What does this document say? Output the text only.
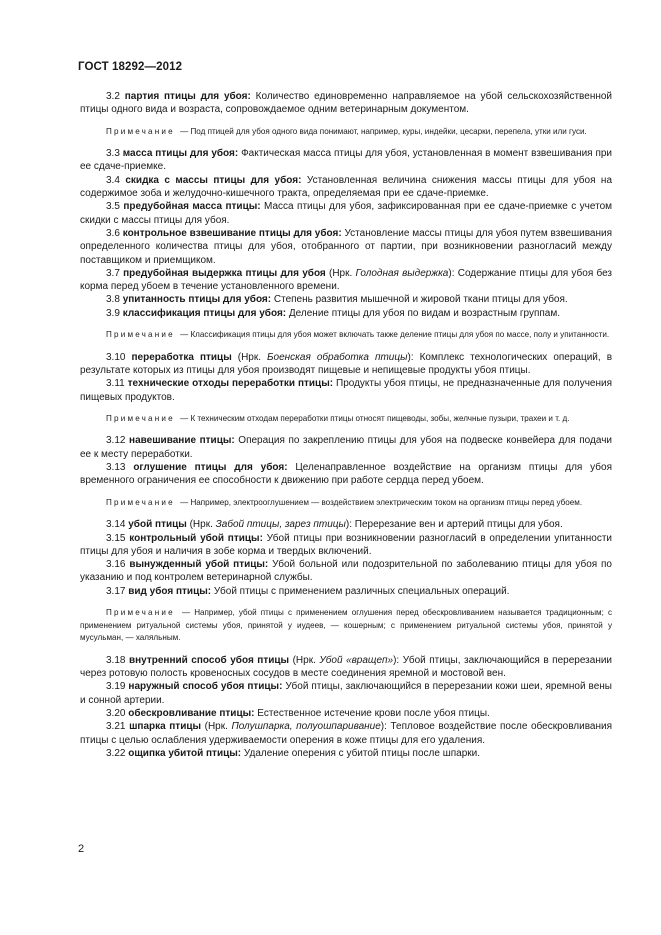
ГОСТ 18292—2012

3.2 партия птицы для убоя: Количество единовременно направляемое на убой сельскохозяйственной птицы одного вида и возраста, сопровождаемое одним ветеринарным документом.

Примечание — Под птицей для убоя одного вида понимают, например, куры, индейки, цесарки, перепела, утки или гуси.

3.3 масса птицы для убоя: Фактическая масса птицы для убоя, установленная в момент взвешивания при ее сдаче-приемке.

3.4 скидка с массы птицы для убоя: Установленная величина снижения массы птицы для убоя на содержимое зоба и желудочно-кишечного тракта, определяемая при ее сдаче-приемке.

3.5 предубойная масса птицы: Масса птицы для убоя, зафиксированная при ее сдаче-приемке с учетом скидки с массы птицы для убоя.

3.6 контрольное взвешивание птицы для убоя: Установление массы птицы для убоя путем взвешивания определенного количества птицы для убоя, отобранного от партии, при возникновении разногласий между поставщиком и приемщиком.

3.7 предубойная выдержка птицы для убоя (Нрк. Голодная выдержка): Содержание птицы для убоя без корма перед убоем в течение установленного времени.

3.8 упитанность птицы для убоя: Степень развития мышечной и жировой ткани птицы для убоя.

3.9 классификация птицы для убоя: Деление птицы для убоя по видам и возрастным группам.

Примечание — Классификация птицы для убоя может включать также деление птицы для убоя по массе, полу и упитанности.

3.10 переработка птицы (Нрк. Боенская обработка птицы): Комплекс технологических операций, в результате которых из птицы для убоя производят пищевые и непищевые продукты убоя птицы.

3.11 технические отходы переработки птицы: Продукты убоя птицы, не предназначенные для получения пищевых продуктов.

Примечание — К техническим отходам переработки птицы относят пищеводы, зобы, желчные пузыри, трахеи и т. д.

3.12 навешивание птицы: Операция по закреплению птицы для убоя на подвеске конвейера для подачи ее к месту переработки.

3.13 оглушение птицы для убоя: Целенаправленное воздействие на организм птицы для убоя временного ограничения ее способности к движению при работе сердца перед убоем.

Примечание — Например, электрооглушением — воздействием электрическим током на организм птицы перед убоем.

3.14 убой птицы (Нрк. Забой птицы, зарез птицы): Перерезание вен и артерий птицы для убоя.

3.15 контрольный убой птицы: Убой птицы при возникновении разногласий в определении упитанности птицы для убоя и наличия в зобе корма и твердых включений.

3.16 вынужденный убой птицы: Убой больной или подозрительной по заболеванию птицы для убоя по указанию и под контролем ветеринарной службы.

3.17 вид убоя птицы: Убой птицы с применением различных специальных операций.

Примечание — Например, убой птицы с применением оглушения перед обескровливанием называется традиционным; с применением ритуальной системы убоя, принятой у иудеев, — кошерным; с применением ритуальной системы убоя, принятой у мусульман, — халяльным.

3.18 внутренний способ убоя птицы (Нрк. Убой «вращеп»): Убой птицы, заключающийся в перерезании через ротовую полость кровеносных сосудов в месте соединения яремной и мостовой вен.

3.19 наружный способ убоя птицы: Убой птицы, заключающийся в перерезании кожи шеи, яремной вены и сонной артерии.

3.20 обескровливание птицы: Естественное истечение крови после убоя птицы.

3.21 шпарка птицы (Нрк. Полушпарка, полуошпаривание): Тепловое воздействие после обескровливания птицы с целью ослабления удерживаемости оперения в коже птицы для его удаления.

3.22 ощипка убитой птицы: Удаление оперения с убитой птицы после шпарки.

2
